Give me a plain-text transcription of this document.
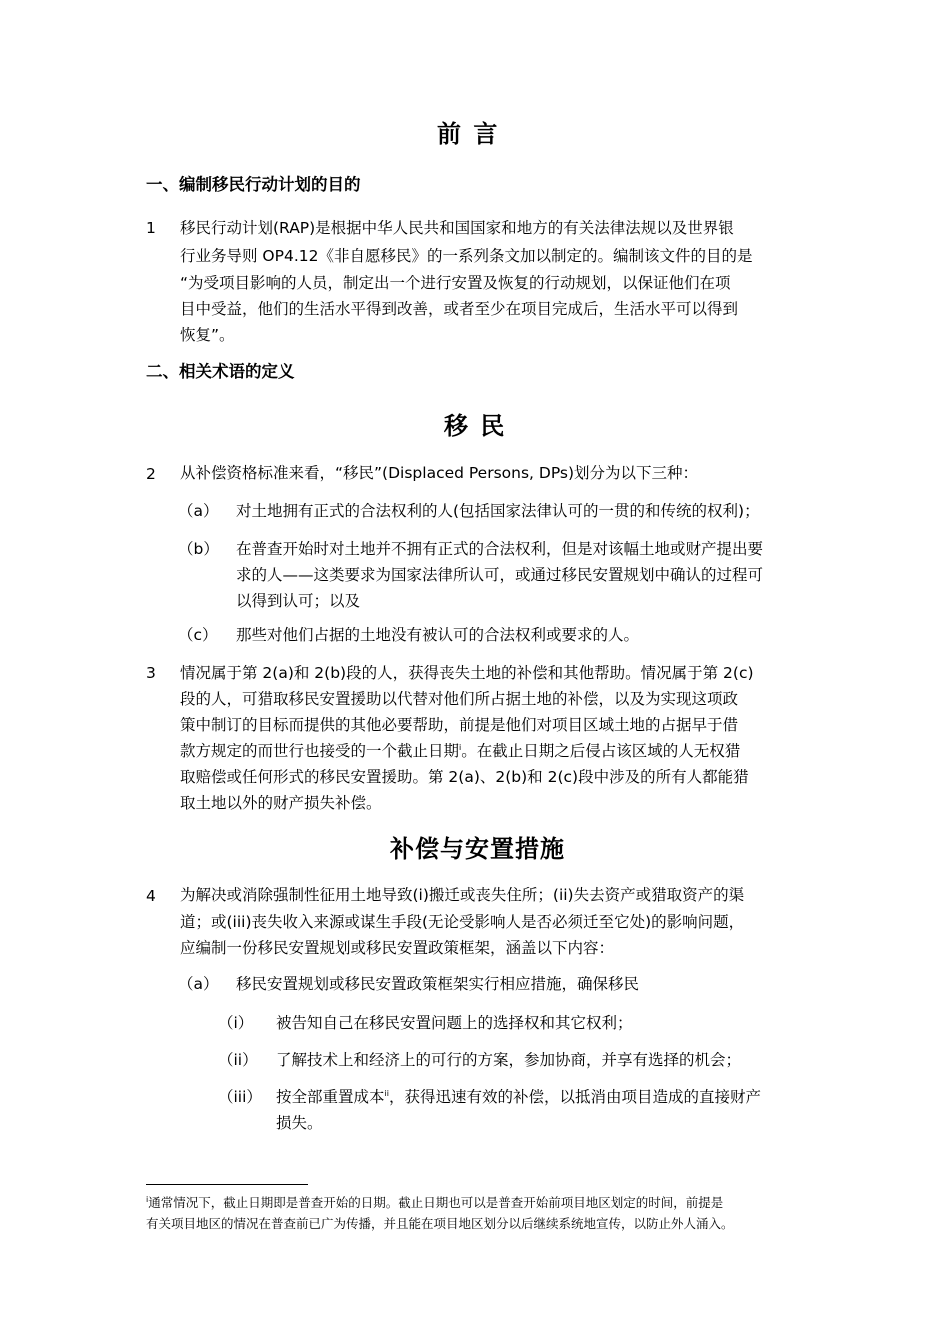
前 言
一、编制移民行动计划的目的
1 移民行动计划(RAP)是根据中华人民共和国国家和地方的有关法律法规以及世界银
行业务导则 OP4.12《非自愿移民》的一系列条文加以制定的。编制该文件的目的是
“为受项目影响的人员，制定出一个进行安置及恢复的行动规划，以保证他们在项
目中受益，他们的生活水平得到改善，或者至少在项目完成后，生活水平可以得到
恢复”。
二、相关术语的定义
移 民
2 从补偿资格标准来看，“移民”(Displaced Persons, DPs)划分为以下三种：
（a） 对土地拥有正式的合法权利的人(包括国家法律认可的一贯的和传统的权利)；
（b） 在普查开始时对土地并不拥有正式的合法权利，但是对该幅土地或财产提出要
求的人——这类要求为国家法律所认可，或通过移民安置规划中确认的过程可
以得到认可；以及
（c） 那些对他们占据的土地没有被认可的合法权利或要求的人。
3 情况属于第 2(a)和 2(b)段的人，获得丧失土地的补偿和其他帮助。情况属于第 2(c)
段的人，可猎取移民安置援助以代替对他们所占据土地的补偿，以及为实现这项政
策中制订的目标而提供的其他必要帮助，前提是他们对项目区域土地的占据早于借
款方规定的而世行也接受的一个截止日期$^i$。在截止日期之后侵占该区域的人无权猎
取赔偿或任何形式的移民安置援助。第 2(a)、2(b)和 2(c)段中涉及的所有人都能猎
取土地以外的财产损失补偿。
补偿与安置措施
4 为解决或消除强制性征用土地导致(i)搬迁或丧失住所；(ii)失去资产或猎取资产的渠
道；或(iii)丧失收入来源或谋生手段(无论受影响人是否必须迁至它处)的影响问题，
应编制一份移民安置规划或移民安置政策框架，涵盖以下内容：
（a） 移民安置规划或移民安置政策框架实行相应措施，确保移民
（i） 被告知自己在移民安置问题上的选择权和其它权利；
（ii） 了解技术上和经济上的可行的方案，参加协商，并享有选择的机会；
（iii） 按全部重置成本$^{ii}$，获得迅速有效的补偿，以抵消由项目造成的直接财产
损失。
$^i$通常情况下，截止日期即是普查开始的日期。截止日期也可以是普查开始前项目地区划定的时间，前提是
有关项目地区的情况在普查前已广为传播，并且能在项目地区划分以后继续系统地宣传，以防止外人涌入。
